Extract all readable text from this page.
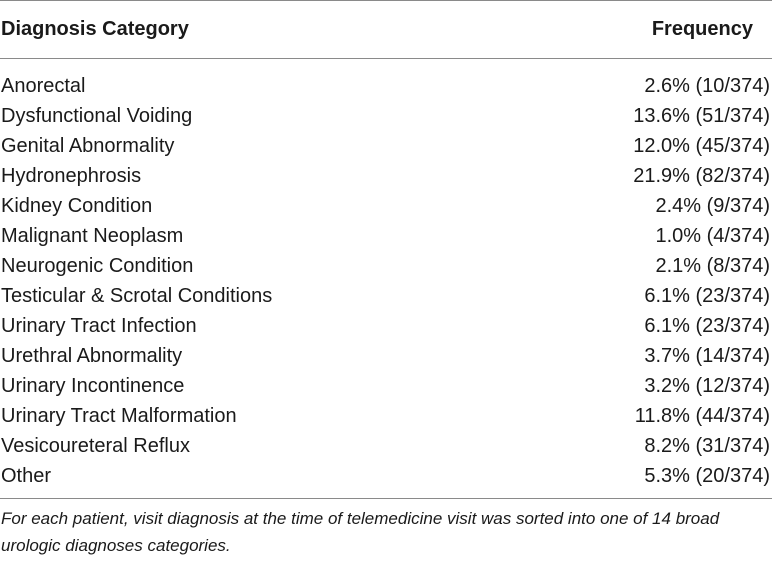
Diagnosis Category	Frequency
Anorectal	2.6% (10/374)
Dysfunctional Voiding	13.6% (51/374)
Genital Abnormality	12.0% (45/374)
Hydronephrosis	21.9% (82/374)
Kidney Condition	2.4% (9/374)
Malignant Neoplasm	1.0% (4/374)
Neurogenic Condition	2.1% (8/374)
Testicular & Scrotal Conditions	6.1% (23/374)
Urinary Tract Infection	6.1% (23/374)
Urethral Abnormality	3.7% (14/374)
Urinary Incontinence	3.2% (12/374)
Urinary Tract Malformation	11.8% (44/374)
Vesicoureteral Reflux	8.2% (31/374)
Other	5.3% (20/374)
For each patient, visit diagnosis at the time of telemedicine visit was sorted into one of 14 broad urologic diagnoses categories.
